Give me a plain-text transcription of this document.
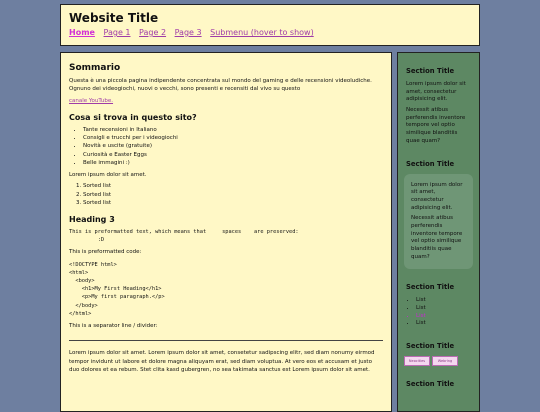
Website Title
Home Page 1 Page 2 Page 3 Submenu (hover to show)
Sommario

Questa è una piccola pagina indipendente concentrata sul mondo del gaming e delle recensioni videoludiche. Ognuno dei videogiochi, nuovi o vecchi, sono presenti e recensiti dal vivo su questo

canale YouTube.

Cosa si trova in questo sito?
• Tante recensioni in Italiano
• Consigli e trucchi per i videogiochi
• Novità e uscite (gratuite)
• Curiosità e Easter Eggs
• Belle immagini :)

Lorem ipsum dolor sit amet.

1. Sorted list
2. Sorted list
3. Sorted list
Heading 3
This is preformatted text, which means that     spaces    are preserved:
:D

This is preformatted code:

<!DOCTYPE html>
<html>
<body>
<h1>My First Heading</h1>
<p>My first paragraph.</p>
</body>
</html>

This is a separator line / divider:

Lorem ipsum dolor sit amet. Lorem ipsum dolor sit amet, consetetur sadipscing elitr, sed diam nonumy eirmod tempor invidunt ut labore et dolore magna aliquyam erat, sed diam voluptua. At vero eos et accusam et justo duo dolores et ea rebum. Stet clita kasd gubergren, no sea takimata sanctus est Lorem ipsum dolor sit amet.

Section Title

Lorem ipsum dolor sit amet, consectetur adipisicing elit.

Necessit atibus perferendis inventore tempore vel optio similique blanditiis quae quam?

Section Title

Lorem ipsum dolor sit amet, consectetur adipisicing elit.

Necessit atibus perferendis inventore tempore vel optio similique blanditiis quae quam?

Section Title
• List
• List
• List
• List
Section Title
Neocities	Webring
Section Title
